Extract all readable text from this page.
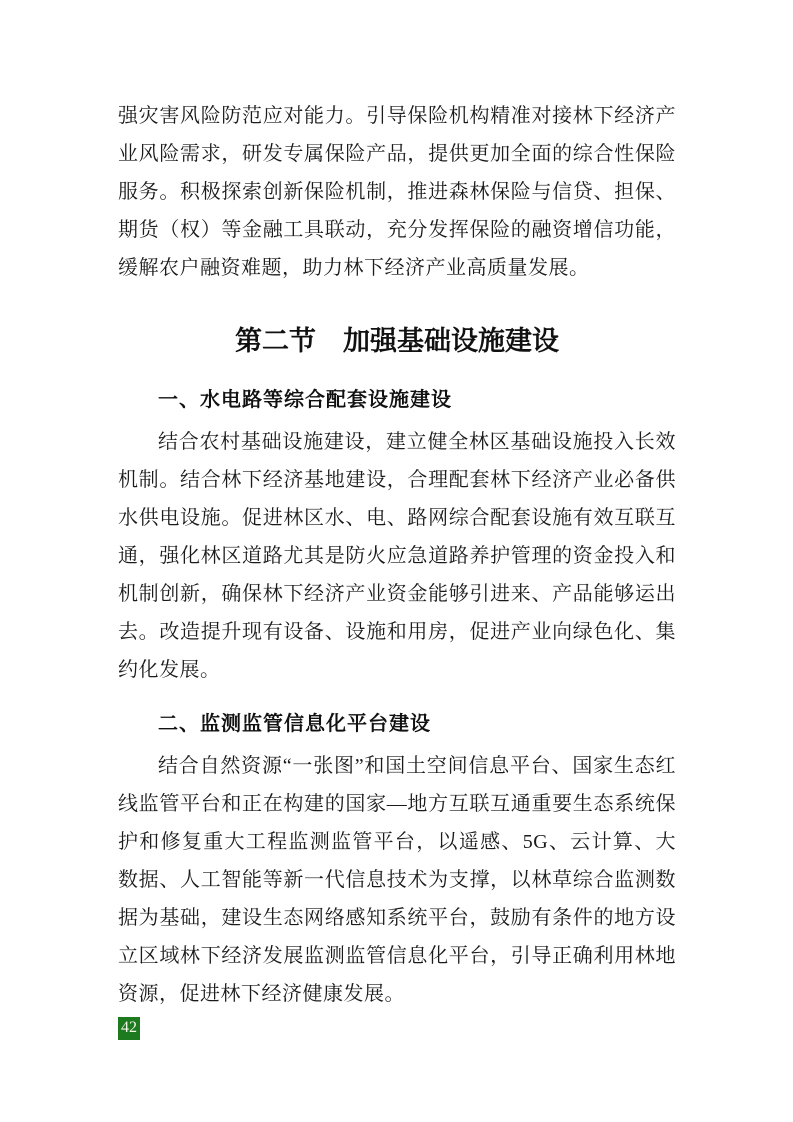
强灾害风险防范应对能力。引导保险机构精准对接林下经济产业风险需求，研发专属保险产品，提供更加全面的综合性保险服务。积极探索创新保险机制，推进森林保险与信贷、担保、期货（权）等金融工具联动，充分发挥保险的融资增信功能，缓解农户融资难题，助力林下经济产业高质量发展。

第二节　加强基础设施建设
一、水电路等综合配套设施建设

结合农村基础设施建设，建立健全林区基础设施投入长效机制。结合林下经济基地建设，合理配套林下经济产业必备供水供电设施。促进林区水、电、路网综合配套设施有效互联互通，强化林区道路尤其是防火应急道路养护管理的资金投入和机制创新，确保林下经济产业资金能够引进来、产品能够运出去。改造提升现有设备、设施和用房，促进产业向绿色化、集约化发展。

二、监测监管信息化平台建设

结合自然资源“一张图”和国土空间信息平台、国家生态红线监管平台和正在构建的国家—地方互联互通重要生态系统保护和修复重大工程监测监管平台，以遥感、5G、云计算、大数据、人工智能等新一代信息技术为支撑，以林草综合监测数据为基础，建设生态网络感知系统平台，鼓励有条件的地方设立区域林下经济发展监测监管信息化平台，引导正确利用林地资源，促进林下经济健康发展。

42
